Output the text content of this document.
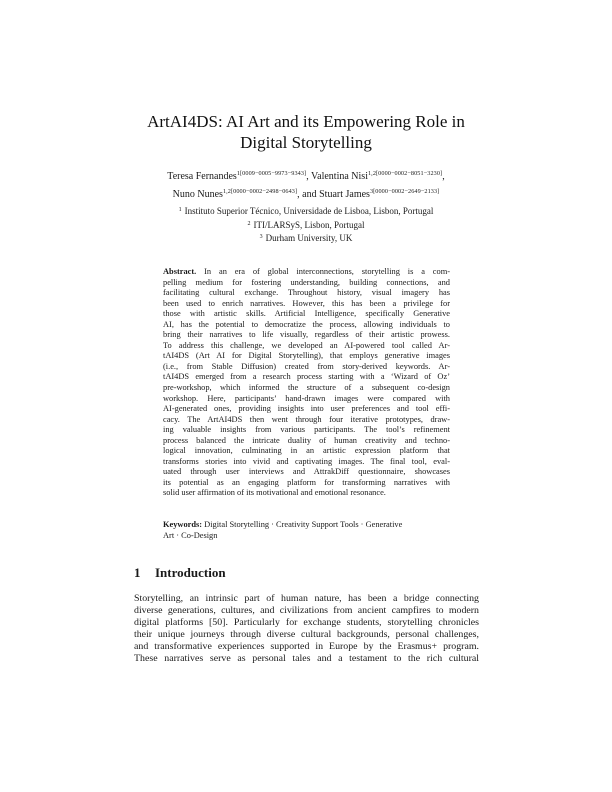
ArtAI4DS: AI Art and its Empowering Role in
Digital Storytelling
Teresa Fernandes$^{1[0009-0005-9973-9343]}$, Valentina Nisi$^{1,2[0000-0002-8051-3230]}$,
Nuno Nunes$^{1,2[0000-0002-2498-0643]}$, and Stuart James$^{3[0000-0002-2649-2133]}$
$^1$ Instituto Superior Técnico, Universidade de Lisboa, Lisbon, Portugal
$^2$ ITI/LARSyS, Lisbon, Portugal
$^3$ Durham University, UK
Abstract. In an era of global interconnections, storytelling is a com-
pelling medium for fostering understanding, building connections, and
facilitating cultural exchange. Throughout history, visual imagery has
been used to enrich narratives. However, this has been a privilege for
those with artistic skills. Artificial Intelligence, specifically Generative
AI, has the potential to democratize the process, allowing individuals to
bring their narratives to life visually, regardless of their artistic prowess.
To address this challenge, we developed an AI-powered tool called Ar-
tAI4DS (Art AI for Digital Storytelling), that employs generative images
(i.e., from Stable Diffusion) created from story-derived keywords. Ar-
tAI4DS emerged from a research process starting with a ‘Wizard of Oz’
pre-workshop, which informed the structure of a subsequent co-design
workshop. Here, participants’ hand-drawn images were compared with
AI-generated ones, providing insights into user preferences and tool effi-
cacy. The ArtAI4DS then went through four iterative prototypes, draw-
ing valuable insights from various participants. The tool’s refinement
process balanced the intricate duality of human creativity and techno-
logical innovation, culminating in an artistic expression platform that
transforms stories into vivid and captivating images. The final tool, eval-
uated through user interviews and AttrakDiff questionnaire, showcases
its potential as an engaging platform for transforming narratives with
solid user affirmation of its motivational and emotional resonance.
Keywords: Digital Storytelling · Creativity Support Tools · Generative
Art · Co-Design
1 Introduction
Storytelling, an intrinsic part of human nature, has been a bridge connecting
diverse generations, cultures, and civilizations from ancient campfires to modern
digital platforms [50]. Particularly for exchange students, storytelling chronicles
their unique journeys through diverse cultural backgrounds, personal challenges,
and transformative experiences supported in Europe by the Erasmus+ program.
These narratives serve as personal tales and a testament to the rich cultural
